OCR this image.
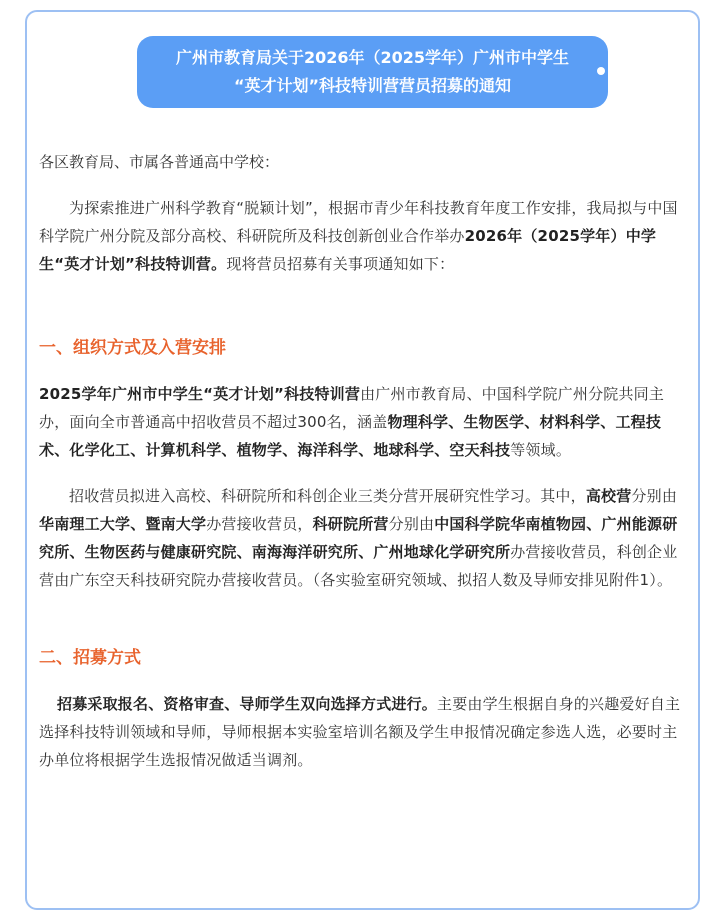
广州市教育局关于2026年（2025学年）广州市中学生
“英才计划”科技特训营营员招募的通知

各区教育局、市属各普通高中学校：

为探索推进广州科学教育“脱颖计划”，根据市青少年科技教育年度工作安排，我局拟与中国科学院广州分院及部分高校、科研院所及科技创新创业合作举办2026年（2025学年）中学生“英才计划”科技特训营。现将营员招募有关事项通知如下：

一、组织方式及入营安排

2025学年广州市中学生“英才计划”科技特训营由广州市教育局、中国科学院广州分院共同主办，面向全市普通高中招收营员不超过300名，涵盖物理科学、生物医学、材料科学、工程技术、化学化工、计算机科学、植物学、海洋科学、地球科学、空天科技等领域。

招收营员拟进入高校、科研院所和科创企业三类分营开展研究性学习。其中，高校营分别由华南理工大学、暨南大学办营接收营员，科研院所营分别由中国科学院华南植物园、广州能源研究所、生物医药与健康研究院、南海海洋研究所、广州地球化学研究所办营接收营员，科创企业营由广东空天科技研究院办营接收营员。（各实验室研究领域、拟招人数及导师安排见附件1）。

二、招募方式

招募采取报名、资格审查、导师学生双向选择方式进行。主要由学生根据自身的兴趣爱好自主选择科技特训领域和导师，导师根据本实验室培训名额及学生申报情况确定参选人选，必要时主办单位将根据学生选报情况做适当调剂。
